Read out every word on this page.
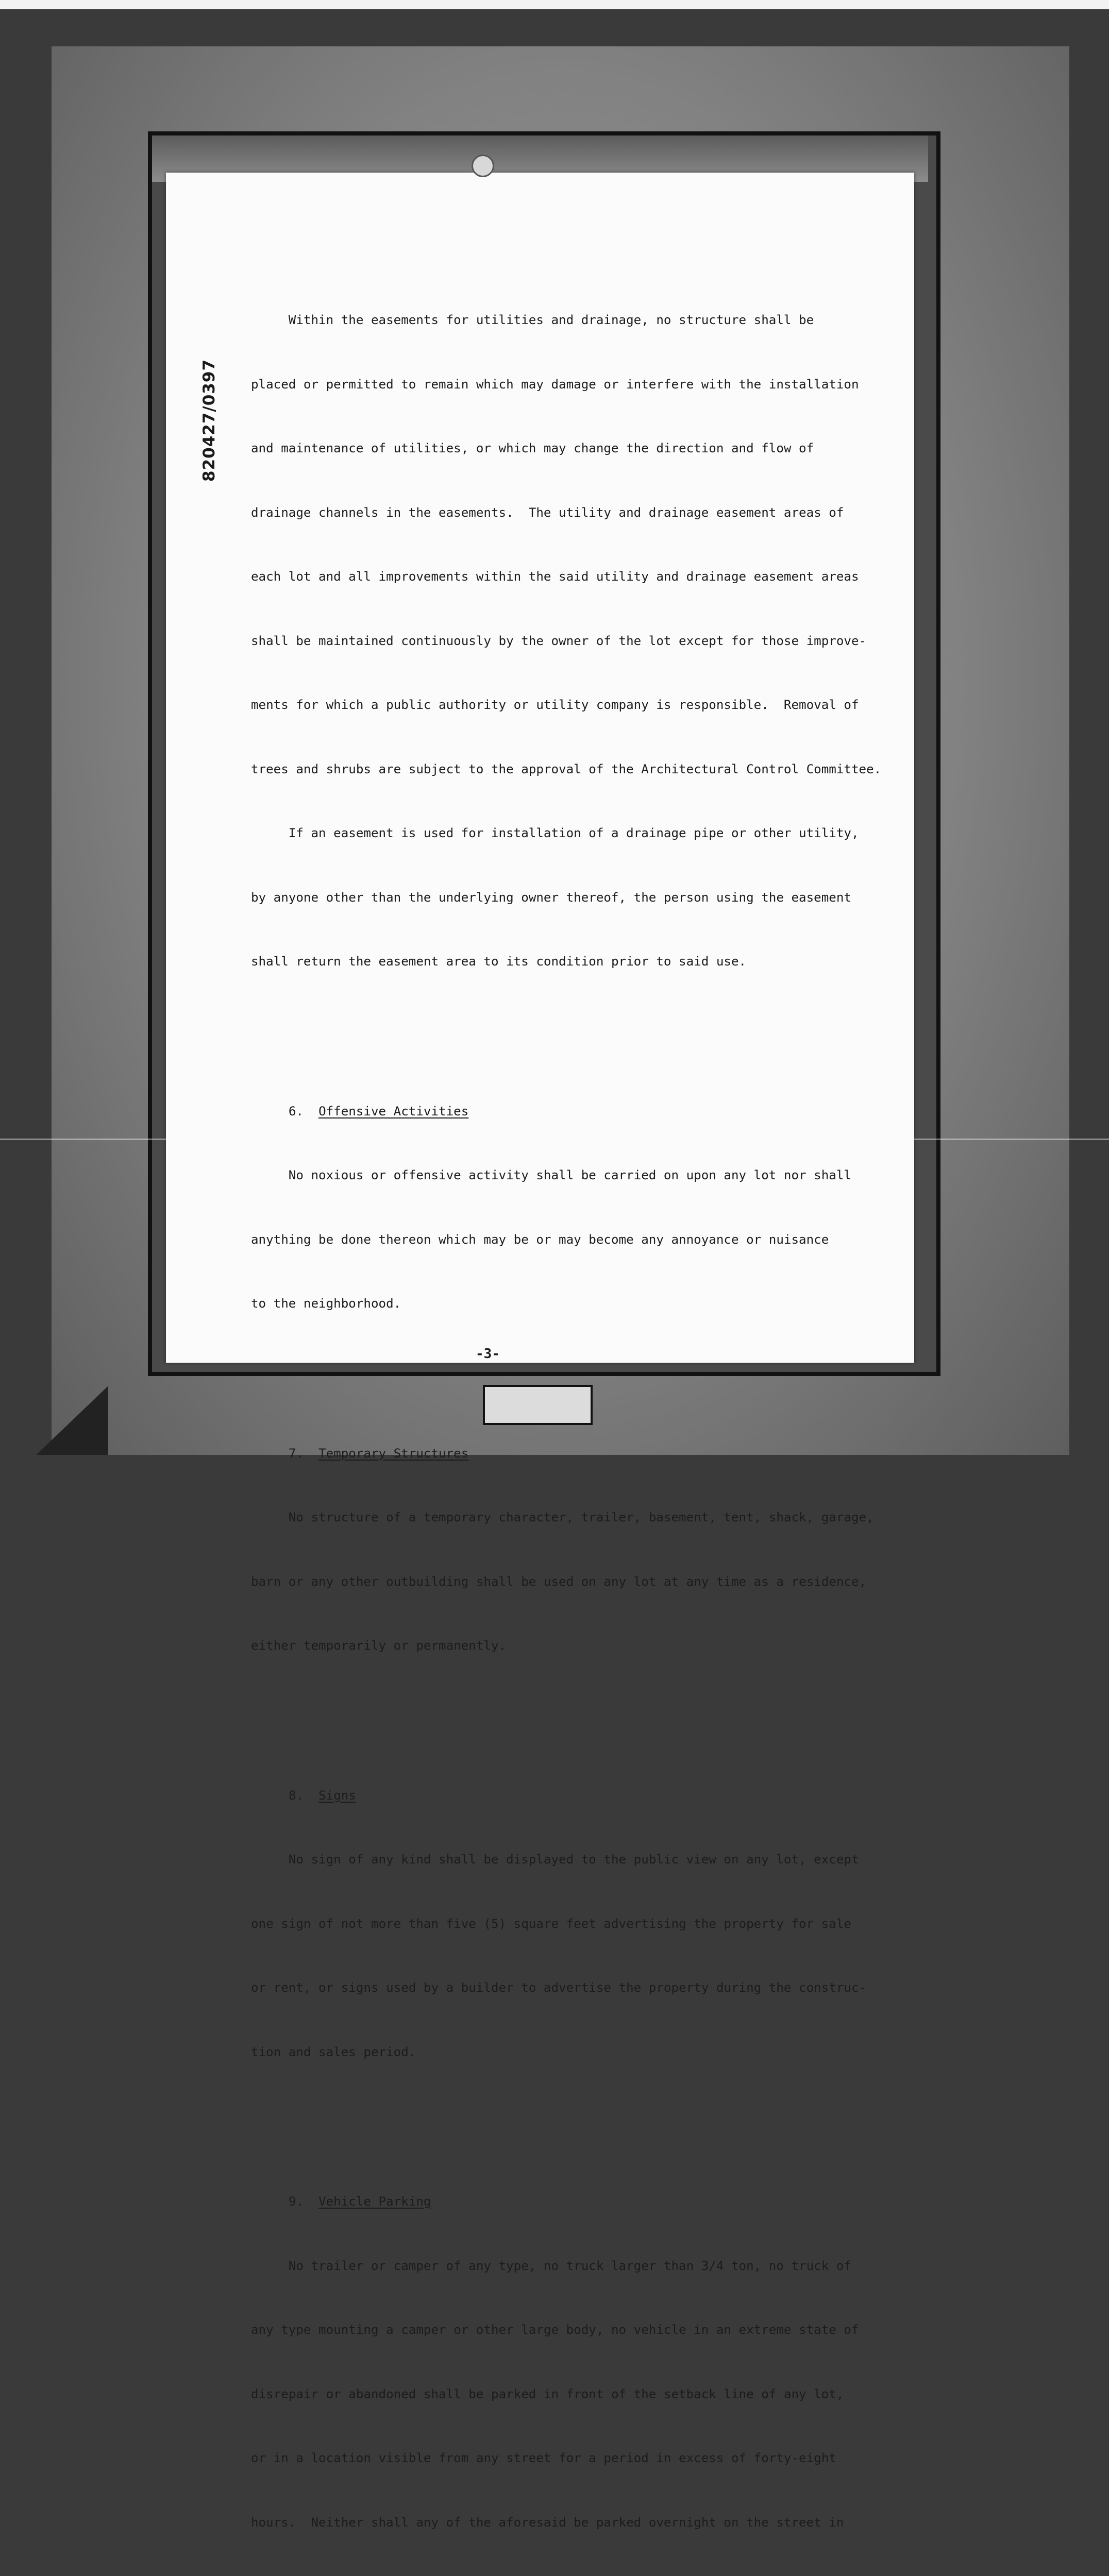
820427/0397

Within the easements for utilities and drainage, no structure shall be

placed or permitted to remain which may damage or interfere with the installation

and maintenance of utilities, or which may change the direction and flow of

drainage channels in the easements.  The utility and drainage easement areas of

each lot and all improvements within the said utility and drainage easement areas

shall be maintained continuously by the owner of the lot except for those improve-

ments for which a public authority or utility company is responsible.  Removal of

trees and shrubs are subject to the approval of the Architectural Control Committee.

If an easement is used for installation of a drainage pipe or other utility,

by anyone other than the underlying owner thereof, the person using the easement

shall return the easement area to its condition prior to said use.

6. Offensive Activities

No noxious or offensive activity shall be carried on upon any lot nor shall

anything be done thereon which may be or may become any annoyance or nuisance

to the neighborhood.

7. Temporary Structures

No structure of a temporary character, trailer, basement, tent, shack, garage,

barn or any other outbuilding shall be used on any lot at any time as a residence,

either temporarily or permanently.

8. Signs

No sign of any kind shall be displayed to the public view on any lot, except

one sign of not more than five (5) square feet advertising the property for sale

or rent, or signs used by a builder to advertise the property during the construc-

tion and sales period.

9. Vehicle Parking

No trailer or camper of any type, no truck larger than 3/4 ton, no truck of

any type mounting a camper or other large body, no vehicle in an extreme state of

disrepair or abandoned shall be parked in front of the setback line of any lot,

or in a location visible from any street for a period in excess of forty-eight

hours.  Neither shall any of the aforesaid be parked overnight on the street in

-3-
